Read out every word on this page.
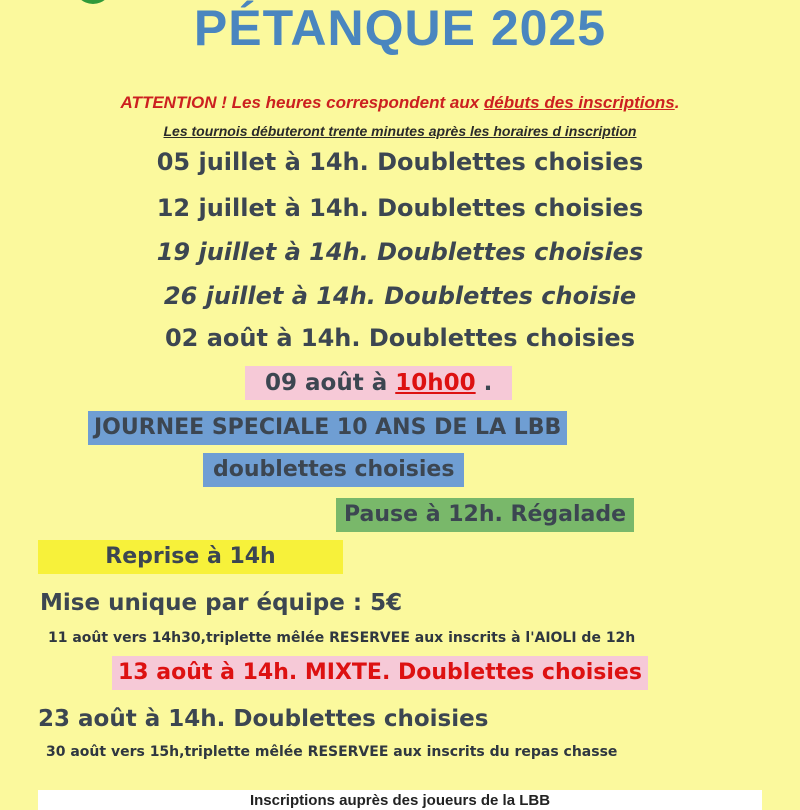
PÉTANQUE 2025
ATTENTION ! Les heures correspondent aux débuts des inscriptions.
Les tournois débuteront trente minutes après les horaires d inscription
05 juillet à 14h. Doublettes choisies
12 juillet à 14h. Doublettes choisies
19 juillet à 14h. Doublettes choisies
26 juillet à 14h. Doublettes choisie
02 août à 14h. Doublettes choisies
09 août à 10h00 .
JOURNEE SPECIALE 10 ANS DE LA LBB
doublettes choisies
Pause à 12h. Régalade
Reprise à 14h
Mise unique par équipe : 5€
11 août vers 14h30,triplette mêlée RESERVEE aux inscrits à l'AIOLI de 12h
13 août à 14h. MIXTE. Doublettes choisies
23 août à 14h. Doublettes choisies
30 août vers 15h,triplette mêlée RESERVEE aux inscrits du repas chasse
Inscriptions auprès des joueurs de la LBB
